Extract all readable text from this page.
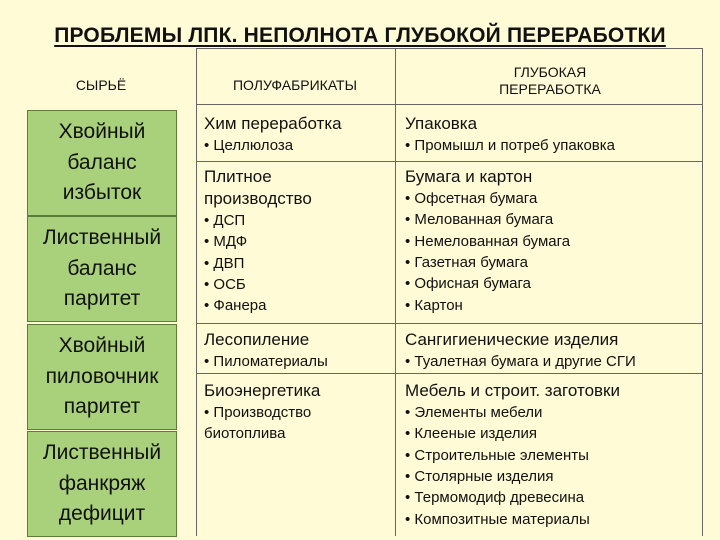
ПРОБЛЕМЫ ЛПК. НЕПОЛНОТА ГЛУБОКОЙ ПЕРЕРАБОТКИ
СЫРЬЁ	ПОЛУФАБРИКАТЫ
ГЛУБОКАЯ
ПЕРЕРАБОТКА
Хвойный
баланс
избыток
Лиственный
баланс
паритет
Хвойный
пиловочник
паритет
Лиственный
фанкряж
дефицит
Хим переработка
• Целлюлоза
Упаковка
• Промышл и потреб упаковка
Плитное
производство
• ДСП
• МДФ
• ДВП
• ОСБ
• Фанера
Бумага и картон
• Офсетная бумага
• Мелованная бумага
• Немелованная бумага
• Газетная бумага
• Офисная бумага
• Картон
Лесопиление
• Пиломатериалы
Сангигиенические изделия
• Туалетная бумага и другие СГИ
Биоэнергетика
• Производство
биотоплива
Мебель и строит. заготовки
• Элементы мебели
• Клееные изделия
• Строительные элементы
• Столярные изделия
• Термомодиф древесина
• Композитные материалы
